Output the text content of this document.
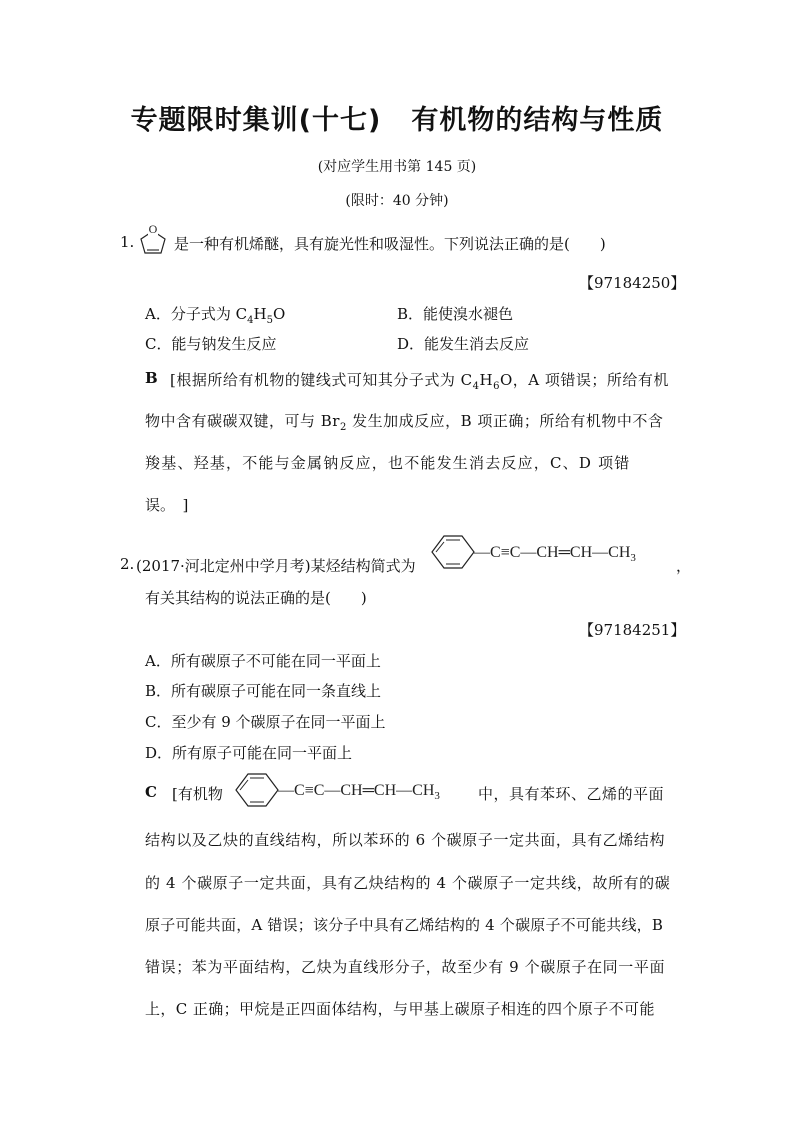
专题限时集训(十七) 有机物的结构与性质
(对应学生用书第 145 页)
(限时：40 分钟)
1.
O
是一种有机烯醚，具有旋光性和吸湿性。下列说法正确的是(　　)
【97184250】
A．分子式为 $C_4H_5O$	B．能使溴水褪色
C．能与钠发生反应	D．能发生消去反应
B [根据所给有机物的键线式可知其分子式为 $C_4H_6O$，A 项错误；所给有机
物中含有碳碳双键，可与 $Br_2$ 发生加成反应，B 项正确；所给有机物中不含
羧基、羟基，不能与金属钠反应，也不能发生消去反应，C、D 项错
误。　]
2. (2017·河北定州中学月考)某烃结构简式为
$—C\equiv C—CH═CH—CH_3$	，
有关其结构的说法正确的是(　　)
【97184251】
A．所有碳原子不可能在同一平面上
B．所有碳原子可能在同一条直线上
C．至少有 9 个碳原子在同一平面上
D．所有原子可能在同一平面上
C [有机物	$—C\equiv C—CH═CH—CH_3$	中，具有苯环、乙烯的平面
结构以及乙炔的直线结构，所以苯环的 6 个碳原子一定共面，具有乙烯结构
的 4 个碳原子一定共面，具有乙炔结构的 4 个碳原子一定共线，故所有的碳
原子可能共面，A 错误；该分子中具有乙烯结构的 4 个碳原子不可能共线，B
错误；苯为平面结构，乙炔为直线形分子，故至少有 9 个碳原子在同一平面
上，C 正确；甲烷是正四面体结构，与甲基上碳原子相连的四个原子不可能
